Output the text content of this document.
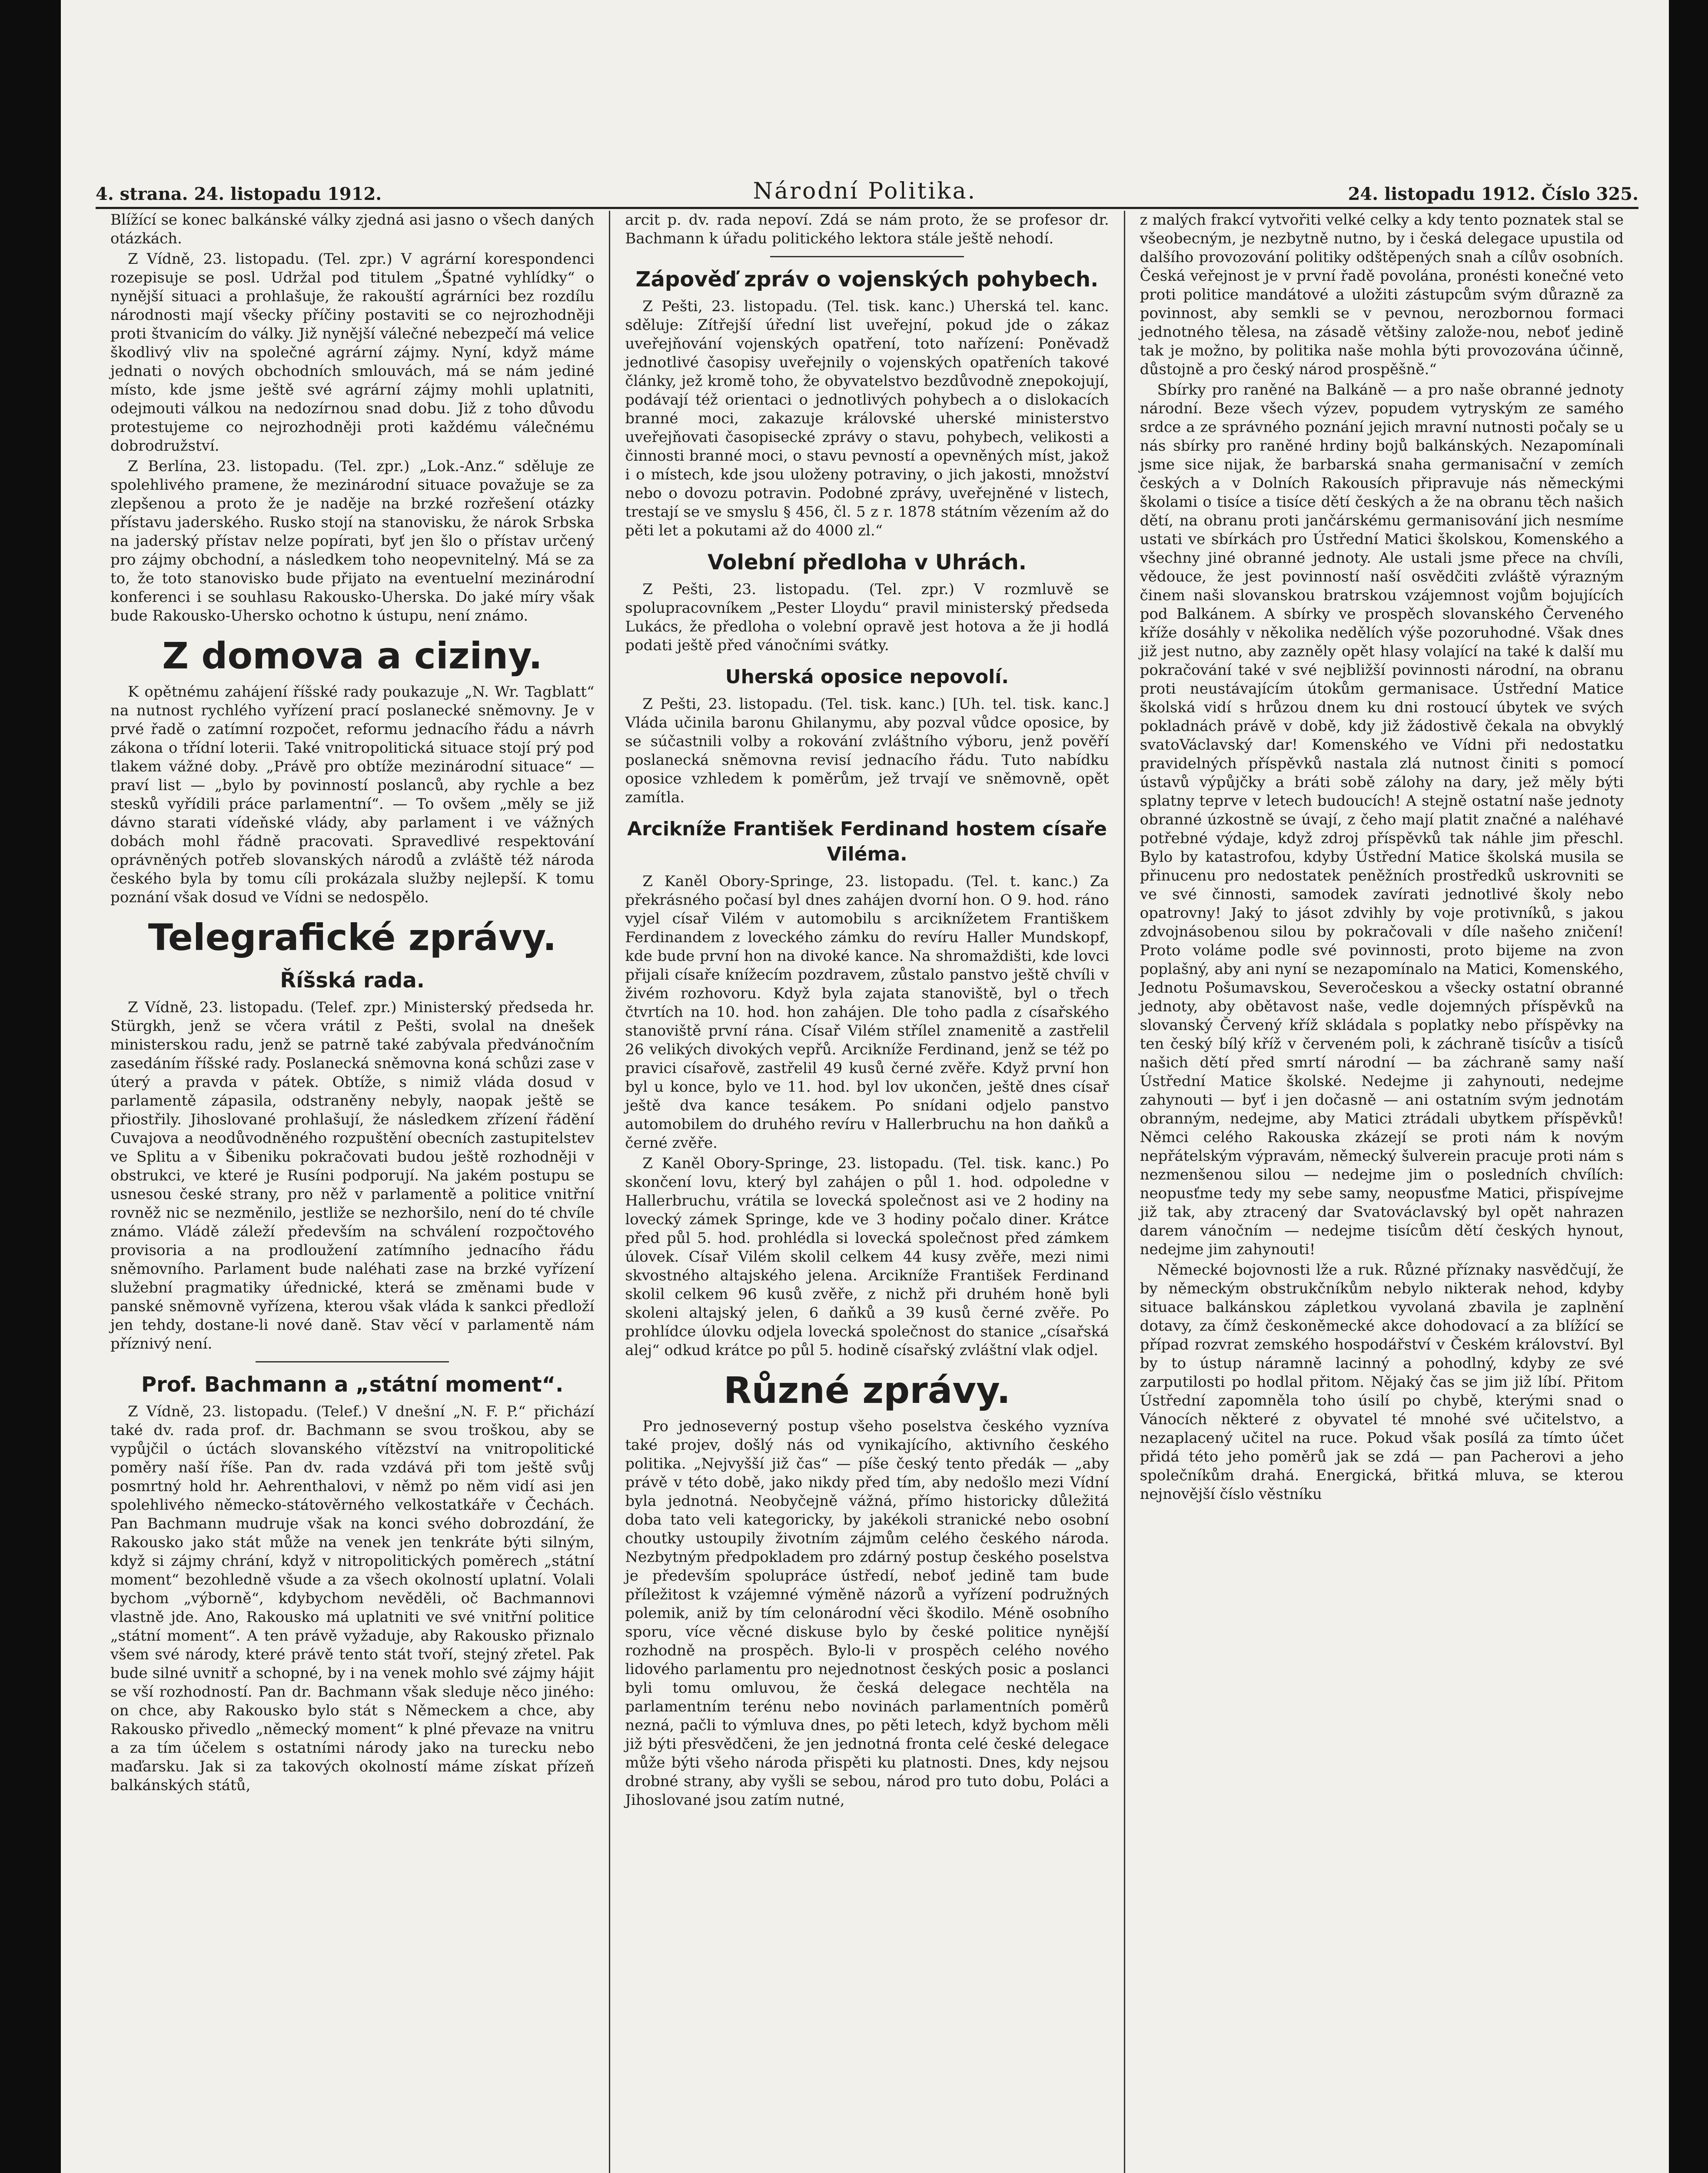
4. strana. 24. listopadu 1912.	Národní Politika.	24. listopadu 1912. Číslo 325.

Blížící se konec balkánské války zjedná asi jasno o všech daných otázkách.

Z Vídně, 23. listopadu. (Tel. zpr.) V agrární korespondenci rozepisuje se posl. Udržal pod titulem „Špatné vyhlídky“ o nynější situaci a prohlašuje, že rakouští agrárníci bez rozdílu národnosti mají všecky příčiny postaviti se co nejrozhodněji proti štvanicím do války. Již nynější válečné nebezpečí má velice škodlivý vliv na společné agrární zájmy. Nyní, když máme jednati o nových obchodních smlouvách, má se nám jediné místo, kde jsme ještě své agrární zájmy mohli uplatniti, odejmouti válkou na nedozírnou snad dobu. Již z toho důvodu protestujeme co nejrozhodněji proti každému válečnému dobrodružství.

Z Berlína, 23. listopadu. (Tel. zpr.) „Lok.-Anz.“ sděluje ze spolehlivého pramene, že mezinárodní situace považuje se za zlepšenou a proto že je naděje na brzké rozřešení otázky přístavu jaderského. Rusko stojí na stanovisku, že nárok Srbska na jaderský přístav nelze popírati, byť jen šlo o přístav určený pro zájmy obchodní, a následkem toho neopevnitelný. Má se za to, že toto stanovisko bude přijato na eventuelní mezinárodní konferenci i se souhlasu Rakousko-Uherska. Do jaké míry však bude Rakousko-Uhersko ochotno k ústupu, není známo.

Z domova a ciziny.

K opětnému zahájení říšské rady poukazuje „N. Wr. Tagblatt“ na nutnost rychlého vyřízení prací poslanecké sněmovny. Je v prvé řadě o zatímní rozpočet, reformu jednacího řádu a návrh zákona o třídní loterii. Také vnitropolitická situace stojí prý pod tlakem vážné doby. „Právě pro obtíže mezinárodní situace“ — praví list — „bylo by povinností poslanců, aby rychle a bez stesků vyřídili práce parlamentní“. — To ovšem „měly se již dávno starati vídeňské vlády, aby parlament i ve vážných dobách mohl řádně pracovati. Spravedlivé respektování oprávněných potřeb slovanských národů a zvláště též národa českého byla by tomu cíli prokázala služby nejlepší. K tomu poznání však dosud ve Vídni se nedospělo.

Telegrafické zprávy.
Říšská rada.

Z Vídně, 23. listopadu. (Telef. zpr.) Ministerský předseda hr. Stürgkh, jenž se včera vrátil z Pešti, svolal na dnešek ministerskou radu, jenž se patrně také zabývala předvánočním zasedáním říšské rady. Poslanecká sněmovna koná schůzi zase v úterý a pravda v pátek. Obtíže, s nimiž vláda dosud v parlamentě zápasila, odstraněny nebyly, naopak ještě se přiostřily. Jihoslované prohlašují, že následkem zřízení řádění Cuvajova a neodůvodněného rozpuštění obecních zastupitelstev ve Splitu a v Šibeniku pokračovati budou ještě rozhodněji v obstrukci, ve které je Rusíni podporují. Na jakém postupu se usnesou české strany, pro něž v parlamentě a politice vnitřní rovněž nic se nezměnilo, jestliže se nezhoršilo, není do té chvíle známo. Vládě záleží především na schválení rozpočtového provisoria a na prodloužení zatímního jednacího řádu sněmovního. Parlament bude naléhati zase na brzké vyřízení služební pragmatiky úřednické, která se změnami bude v panské sněmovně vyřízena, kterou však vláda k sankci předloží jen tehdy, dostane-li nové daně. Stav věcí v parlamentě nám příznivý není.

Prof. Bachmann a „státní moment“.

Z Vídně, 23. listopadu. (Telef.) V dnešní „N. F. P.“ přichází také dv. rada prof. dr. Bachmann se svou troškou, aby se vypůjčil o úctách slovanského vítězství na vnitropolitické poměry naší říše. Pan dv. rada vzdává při tom ještě svůj posmrtný hold hr. Aehrenthalovi, v němž po něm vidí asi jen spolehlivého německo-státověrného velkostatkáře v Čechách. Pan Bachmann mudruje však na konci svého dobrozdání, že Rakousko jako stát může na venek jen tenkráte býti silným, když si zájmy chrání, když v nitropolitických poměrech „státní moment“ bezohledně všude a za všech okolností uplatní. Volali bychom „výborně“, kdybychom nevěděli, oč Bachmannovi vlastně jde. Ano, Rakousko má uplatniti ve své vnitřní politice „státní moment“. A ten právě vyžaduje, aby Rakousko přiznalo všem své národy, které právě tento stát tvoří, stejný zřetel. Pak bude silné uvnitř a schopné, by i na venek mohlo své zájmy hájit se vší rozhodností. Pan dr. Bachmann však sleduje něco jiného: on chce, aby Rakousko bylo stát s Německem a chce, aby Rakousko přivedlo „německý moment“ k plné převaze na vnitru a za tím účelem s ostatními národy jako na turecku nebo maďarsku. Jak si za takových okolností máme získat přízeň balkánských států,

arcit p. dv. rada nepoví. Zdá se nám proto, že se profesor dr. Bachmann k úřadu politického lektora stále ještě nehodí.

Zápověď zpráv o vojenských pohybech.

Z Pešti, 23. listopadu. (Tel. tisk. kanc.) Uherská tel. kanc. sděluje: Zítřejší úřední list uveřejní, pokud jde o zákaz uveřejňování vojenských opatření, toto nařízení: Poněvadž jednotlivé časopisy uveřejnily o vojenských opatřeních takové články, jež kromě toho, že obyvatelstvo bezdůvodně znepokojují, podávají též orientaci o jednotlivých pohybech a o dislokacích branné moci, zakazuje královské uherské ministerstvo uveřejňovati časopisecké zprávy o stavu, pohybech, velikosti a činnosti branné moci, o stavu pevností a opevněných míst, jakož i o místech, kde jsou uloženy potraviny, o jich jakosti, množství nebo o dovozu potravin. Podobné zprávy, uveřejněné v listech, trestají se ve smyslu § 456, čl. 5 z r. 1878 státním vězením až do pěti let a pokutami až do 4000 zl.“

Volební předloha v Uhrách.

Z Pešti, 23. listopadu. (Tel. zpr.) V rozmluvě se spolupracovníkem „Pester Lloydu“ pravil ministerský předseda Lukács, že předloha o volební opravě jest hotova a že ji hodlá podati ještě před vánočními svátky.

Uherská oposice nepovolí.

Z Pešti, 23. listopadu. (Tel. tisk. kanc.) [Uh. tel. tisk. kanc.] Vláda učinila baronu Ghilanymu, aby pozval vůdce oposice, by se súčastnili volby a rokování zvláštního výboru, jenž pověří poslanecká sněmovna revisí jednacího řádu. Tuto nabídku oposice vzhledem k poměrům, jež trvají ve sněmovně, opět zamítla.

Arcikníže František Ferdinand hostem císaře Viléma.

Z Kaněl Obory-Springe, 23. listopadu. (Tel. t. kanc.) Za překrásného počasí byl dnes zahájen dvorní hon. O 9. hod. ráno vyjel císař Vilém v automobilu s arciknížetem Františkem Ferdinandem z loveckého zámku do revíru Haller Mundskopf, kde bude první hon na divoké kance. Na shromaždišti, kde lovci přijali císaře knížecím pozdravem, zůstalo panstvo ještě chvíli v živém rozhovoru. Když byla zajata stanoviště, byl o třech čtvrtích na 10. hod. hon zahájen. Dle toho padla z císařského stanoviště první rána. Císař Vilém střílel znamenitě a zastřelil 26 velikých divokých vepřů. Arcikníže Ferdinand, jenž se též po pravici císařově, zastřelil 49 kusů černé zvěře. Když první hon byl u konce, bylo ve 11. hod. byl lov ukončen, ještě dnes císař ještě dva kance tesákem. Po snídani odjelo panstvo automobilem do druhého revíru v Hallerbruchu na hon daňků a černé zvěře.

Z Kaněl Obory-Springe, 23. listopadu. (Tel. tisk. kanc.) Po skončení lovu, který byl zahájen o půl 1. hod. odpoledne v Hallerbruchu, vrátila se lovecká společnost asi ve 2 hodiny na lovecký zámek Springe, kde ve 3 hodiny počalo diner. Krátce před půl 5. hod. prohlédla si lovecká společnost před zámkem úlovek. Císař Vilém skolil celkem 44 kusy zvěře, mezi nimi skvostného altajského jelena. Arcikníže František Ferdinand skolil celkem 96 kusů zvěře, z nichž při druhém honě byli skoleni altajský jelen, 6 daňků a 39 kusů černé zvěře. Po prohlídce úlovku odjela lovecká společnost do stanice „císařská alej“ odkud krátce po půl 5. hodině císařský zvláštní vlak odjel.

Různé zprávy.

Pro jednoseverný postup všeho poselstva českého vyzníva také projev, došlý nás od vynikajícího, aktivního českého politika. „Nejvyšší již čas“ — píše český tento předák — „aby právě v této době, jako nikdy před tím, aby nedošlo mezi Vídní byla jednotná. Neobyčejně vážná, přímo historicky důležitá doba tato veli kategoricky, by jakékoli stranické nebo osobní choutky ustoupily životním zájmům celého českého národa. Nezbytným předpokladem pro zdárný postup českého poselstva je především spolupráce ústředí, neboť jedině tam bude příležitost k vzájemné výměně názorů a vyřízení podružných polemik, aniž by tím celonárodní věci škodilo. Méně osobního sporu, více věcné diskuse bylo by české politice nynější rozhodně na prospěch. Bylo-li v prospěch celého nového lidového parlamentu pro nejednotnost českých posic a poslanci byli tomu omluvou, že česká delegace nechtěla na parlamentním terénu nebo novinách parlamentních poměrů nezná, pačli to výmluva dnes, po pěti letech, když bychom měli již býti přesvědčeni, že jen jednotná fronta celé české delegace může býti všeho národa přispěti ku platnosti. Dnes, kdy nejsou drobné strany, aby vyšli se sebou, národ pro tuto dobu, Poláci a Jihoslované jsou zatím nutné,

z malých frakcí vytvořiti velké celky a kdy tento poznatek stal se všeobecným, je nezbytně nutno, by i česká delegace upustila od dalšího provozování politiky odštěpených snah a cílův osobních. Česká veřejnost je v první řadě povolána, pronésti konečné veto proti politice mandátové a uložiti zástupcům svým důrazně za povinnost, aby semkli se v pevnou, nerozbornou formaci jednotného tělesa, na zásadě většiny založe-nou, neboť jedině tak je možno, by politika naše mohla býti provozována účinně, důstojně a pro český národ prospěšně.“

Sbírky pro raněné na Balkáně — a pro naše obranné jednoty národní. Beze všech výzev, popudem vytryským ze samého srdce a ze správného poznání jejich mravní nutnosti počaly se u nás sbírky pro raněné hrdiny bojů balkánských. Nezapomínali jsme sice nijak, že barbarská snaha germanisační v zemích českých a v Dolních Rakousích připravuje nás německými školami o tisíce a tisíce dětí českých a že na obranu těch našich dětí, na obranu proti jančárskému germanisování jich nesmíme ustati ve sbírkách pro Ústřední Matici školskou, Komenského a všechny jiné obranné jednoty. Ale ustali jsme přece na chvíli, vědouce, že jest povinností naší osvědčiti zvláště výrazným činem naši slovanskou bratrskou vzájemnost vojům bojujících pod Balkánem. A sbírky ve prospěch slovanského Červeného kříže dosáhly v několika nedělích výše pozoruhodné. Však dnes již jest nutno, aby zazněly opět hlasy volající na také k další mu pokračování také v své nejbližší povinnosti národní, na obranu proti neustávajícím útokům germanisace. Ústřední Matice školská vidí s hrůzou dnem ku dni rostoucí úbytek ve svých pokladnách právě v době, kdy již žádostivě čekala na obvyklý svatoVáclavský dar! Komenského ve Vídni při nedostatku pravidelných příspěvků nastala zlá nutnost činiti s pomocí ústavů výpůjčky a bráti sobě zálohy na dary, jež měly býti splatny teprve v letech budoucích! A stejně ostatní naše jednoty obranné úzkostně se úvají, z čeho mají platit značné a naléhavé potřebné výdaje, když zdroj příspěvků tak náhle jim přeschl. Bylo by katastrofou, kdyby Ústřední Matice školská musila se přinucenu pro nedostatek peněžních prostředků uskrovniti se ve své činnosti, samodek zavírati jednotlivé školy nebo opatrovny! Jaký to jásot zdvihly by voje protivníků, s jakou zdvojnásobenou silou by pokračovali v díle našeho zničení! Proto voláme podle své povinnosti, proto bijeme na zvon poplašný, aby ani nyní se nezapomínalo na Matici, Komenského, Jednotu Pošumavskou, Severočeskou a všecky ostatní obranné jednoty, aby obětavost naše, vedle dojemných příspěvků na slovanský Červený kříž skládala s poplatky nebo příspěvky na ten český bílý kříž v červeném poli, k záchraně tisícův a tisíců našich dětí před smrtí národní — ba záchraně samy naší Ústřední Matice školské. Nedejme ji zahynouti, nedejme zahynouti — byť i jen dočasně — ani ostatním svým jednotám obranným, nedejme, aby Matici ztrádali ubytkem příspěvků! Němci celého Rakouska zkázejí se proti nám k novým nepřátelským výpravám, německý šulverein pracuje proti nám s nezmenšenou silou — nedejme jim o posledních chvílích: neopusťme tedy my sebe samy, neopusťme Matici, přispívejme již tak, aby ztracený dar Svatováclavský byl opět nahrazen darem vánočním — nedejme tisícům dětí českých hynout, nedejme jim zahynouti!

Německé bojovnosti lže a ruk. Různé příznaky nasvědčují, že by německým obstrukčníkům nebylo nikterak nehod, kdyby situace balkánskou zápletkou vyvolaná zbavila je zaplnění dotavy, za čímž českoněmecké akce dohodovací a za blížící se případ rozvrat zemského hospodářství v Českém království. Byl by to ústup náramně lacinný a pohodlný, kdyby ze své zarputilosti po hodlal přitom. Nějaký čas se jim již líbí. Přitom Ústřední zapomněla toho úsilí po chybě, kterými snad o Vánocích některé z obyvatel té mnohé své učitelstvo, a nezaplacený učitel na ruce. Pokud však posílá za tímto účet přidá této jeho poměrů jak se zdá — pan Pacherovi a jeho společníkům drahá. Energická, břitká mluva, se kterou nejnovější číslo věstníku
